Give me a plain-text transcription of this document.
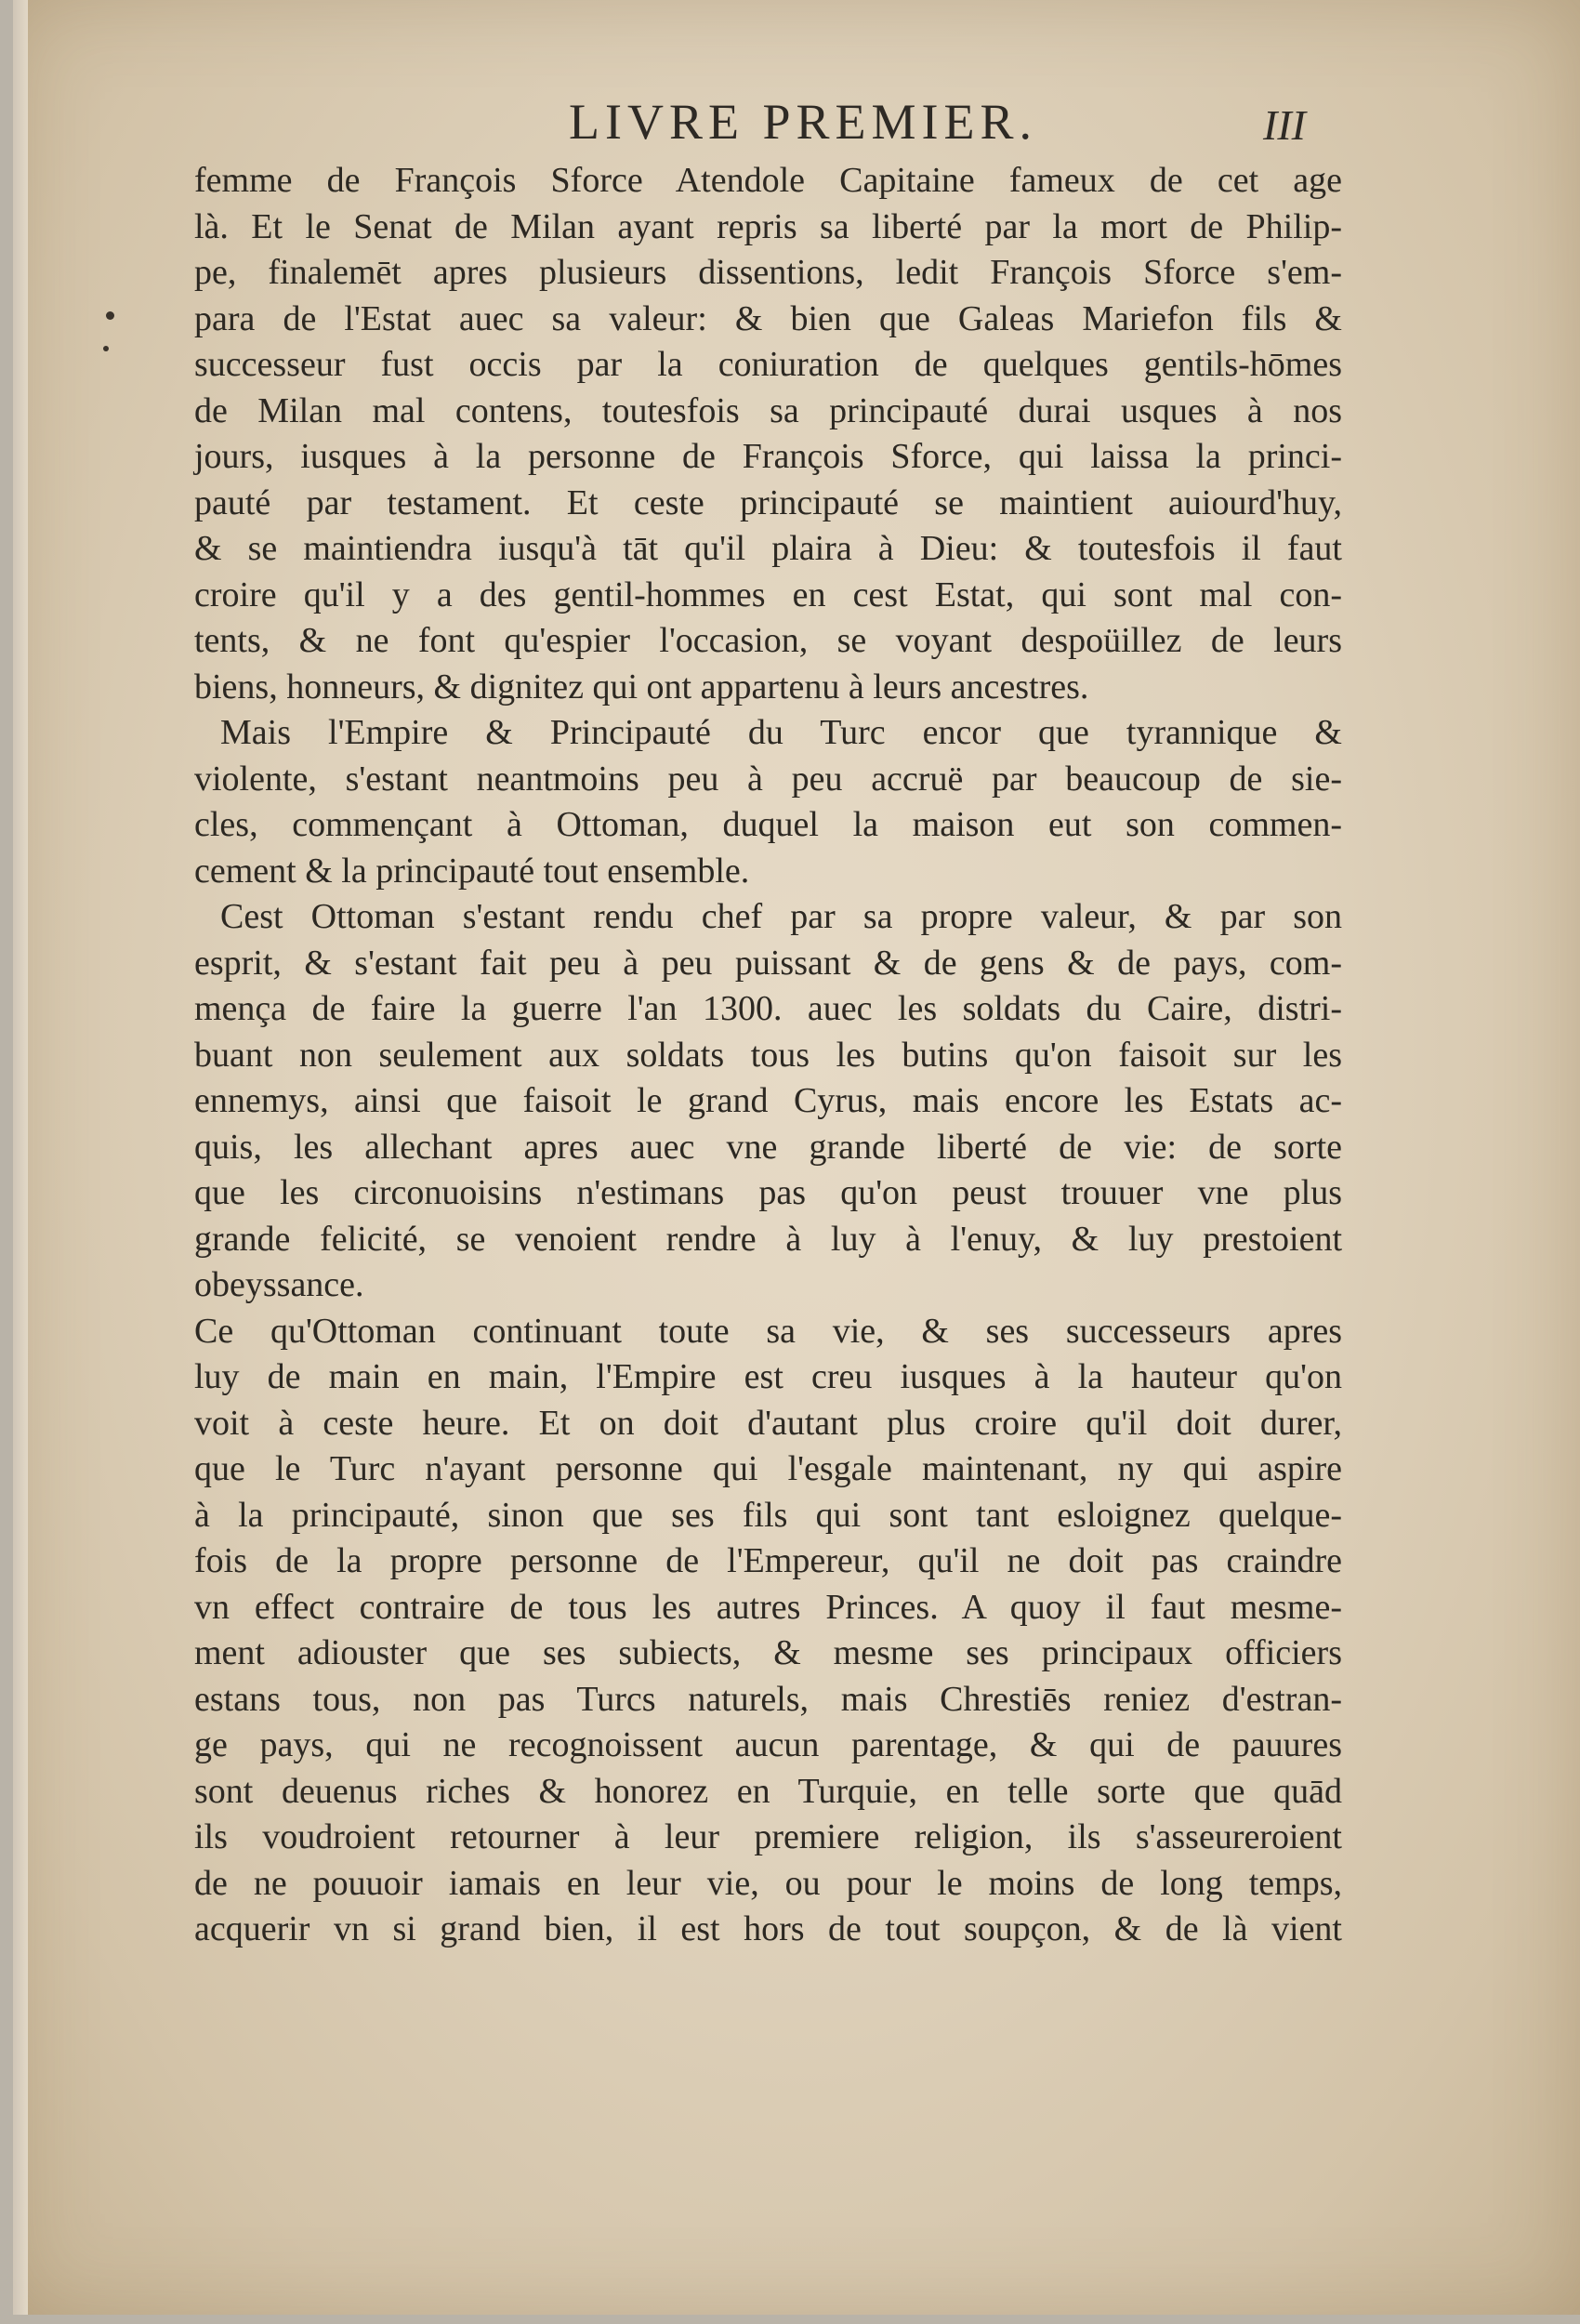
LIVRE PREMIER.	III
femme de François Sforce Atendole Capitaine fameux de cet age
là. Et le Senat de Milan ayant repris sa liberté par la mort de Philip-
pe, finalemēt apres plusieurs dissentions, ledit François Sforce s'em-
para de l'Estat auec sa valeur: & bien que Galeas Mariefon fils &
successeur fust occis par la coniuration de quelques gentils-hōmes
de Milan mal contens, toutesfois sa principauté durai usques à nos
jours, iusques à la personne de François Sforce, qui laissa la princi-
pauté par testament. Et ceste principauté se maintient auiourd'huy,
& se maintiendra iusqu'à tāt qu'il plaira à Dieu: & toutesfois il faut
croire qu'il y a des gentil-hommes en cest Estat, qui sont mal con-
tents, & ne font qu'espier l'occasion, se voyant despoüillez de leurs
biens, honneurs, & dignitez qui ont appartenu à leurs ancestres.
Mais l'Empire & Principauté du Turc encor que tyrannique &
violente, s'estant neantmoins peu à peu accruë par beaucoup de sie-
cles, commençant à Ottoman, duquel la maison eut son commen-
cement & la principauté tout ensemble.
Cest Ottoman s'estant rendu chef par sa propre valeur, & par son
esprit, & s'estant fait peu à peu puissant & de gens & de pays, com-
mença de faire la guerre l'an 1300. auec les soldats du Caire, distri-
buant non seulement aux soldats tous les butins qu'on faisoit sur les
ennemys, ainsi que faisoit le grand Cyrus, mais encore les Estats ac-
quis, les allechant apres auec vne grande liberté de vie: de sorte
que les circonuoisins n'estimans pas qu'on peust trouuer vne plus
grande felicité, se venoient rendre à luy à l'enuy, & luy prestoient
obeyssance.
Ce qu'Ottoman continuant toute sa vie, & ses successeurs apres
luy de main en main, l'Empire est creu iusques à la hauteur qu'on
voit à ceste heure. Et on doit d'autant plus croire qu'il doit durer,
que le Turc n'ayant personne qui l'esgale maintenant, ny qui aspire
à la principauté, sinon que ses fils qui sont tant esloignez quelque-
fois de la propre personne de l'Empereur, qu'il ne doit pas craindre
vn effect contraire de tous les autres Princes. A quoy il faut mesme-
ment adiouster que ses subiects, & mesme ses principaux officiers
estans tous, non pas Turcs naturels, mais Chrestiēs reniez d'estran-
ge pays, qui ne recognoissent aucun parentage, & qui de pauures
sont deuenus riches & honorez en Turquie, en telle sorte que quād
ils voudroient retourner à leur premiere religion, ils s'asseureroient
de ne pouuoir iamais en leur vie, ou pour le moins de long temps,
acquerir vn si grand bien, il est hors de tout soupçon, & de là vient
